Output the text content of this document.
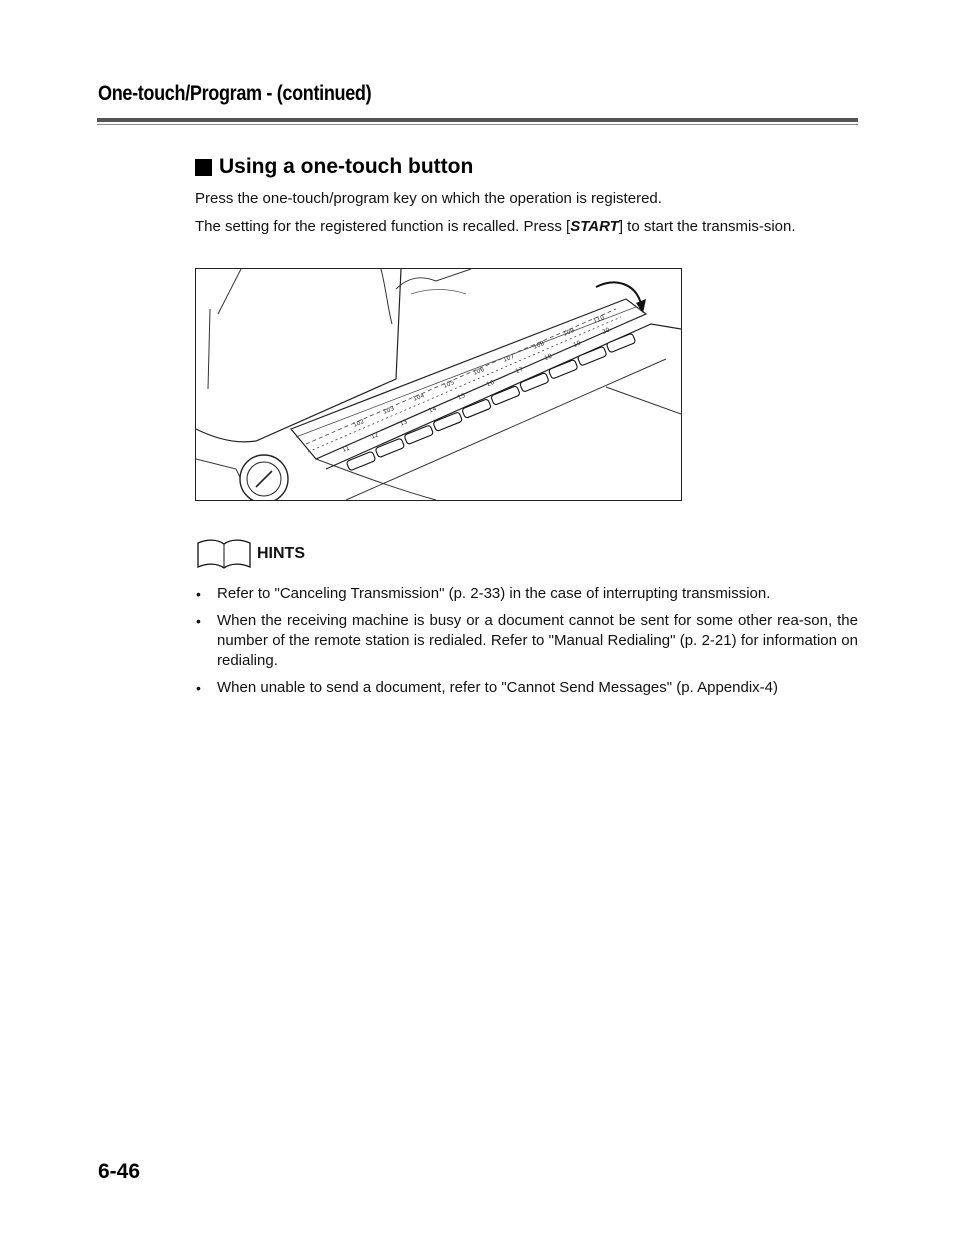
One-touch/Program - (continued)
Using a one-touch button

Press the one-touch/program key on which the operation is registered.

The setting for the registered function is recalled. Press [START] to start the transmis-sion.

11
12
13
14
15
16
17
18
19
20
102
103
104
105
106
107
108
109
110
HINTS
• Refer to "Canceling Transmission" (p. 2-33) in the case of interrupting transmission.
• When the receiving machine is busy or a document cannot be sent for some other rea-son, the number of the remote station is redialed. Refer to "Manual Redialing" (p. 2-21) for information on redialing.
• When unable to send a document, refer to "Cannot Send Messages" (p. Appendix-4)

6-46
